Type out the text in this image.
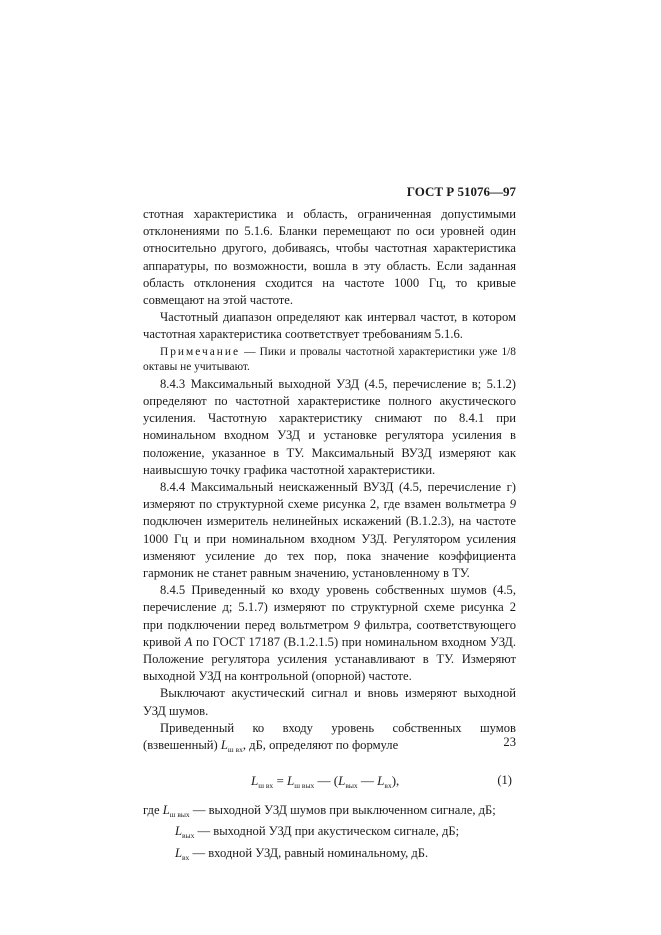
ГОСТ Р 51076—97

стотная характеристика и область, ограниченная допустимыми отклонениями по 5.1.6. Бланки перемещают по оси уровней один относительно другого, добиваясь, чтобы частотная характеристика аппаратуры, по возможности, вошла в эту область. Если заданная область отклонения сходится на частоте 1000 Гц, то кривые совмещают на этой частоте.

Частотный диапазон определяют как интервал частот, в котором частотная характеристика соответствует требованиям 5.1.6.

Примечание — Пики и провалы частотной характеристики уже 1/8 октавы не учитывают.

8.4.3 Максимальный выходной УЗД (4.5, перечисление в; 5.1.2) определяют по частотной характеристике полного акустического усиления. Частотную характеристику снимают по 8.4.1 при номинальном входном УЗД и установке регулятора усиления в положение, указанное в ТУ. Максимальный ВУЗД измеряют как наивысшую точку графика частотной характеристики.

8.4.4 Максимальный неискаженный ВУЗД (4.5, перечисление г) измеряют по структурной схеме рисунка 2, где взамен вольтметра 9 подключен измеритель нелинейных искажений (В.1.2.3), на частоте 1000 Гц и при номинальном входном УЗД. Регулятором усиления изменяют усиление до тех пор, пока значение коэффициента гармоник не станет равным значению, установленному в ТУ.

8.4.5 Приведенный ко входу уровень собственных шумов (4.5, перечисление д; 5.1.7) измеряют по структурной схеме рисунка 2 при подключении перед вольтметром 9 фильтра, соответствующего кривой А по ГОСТ 17187 (В.1.2.1.5) при номинальном входном УЗД. Положение регулятора усиления устанавливают в ТУ. Измеряют выходной УЗД на контрольной (опорной) частоте.

Выключают акустический сигнал и вновь измеряют выходной УЗД шумов.

Приведенный ко входу уровень собственных шумов (взвешенный) $L_{ш вх}$, дБ, определяют по формуле

$L_{ш вх} = L_{ш вых}$ — ($L_{вых}$ — $L_{вх}$),	(1)
где $L_{ш вых}$ — выходной УЗД шумов при выключенном сигнале, дБ;
$L_{вых}$ — выходной УЗД при акустическом сигнале, дБ;
$L_{вх}$ — входной УЗД, равный номинальному, дБ.
23
